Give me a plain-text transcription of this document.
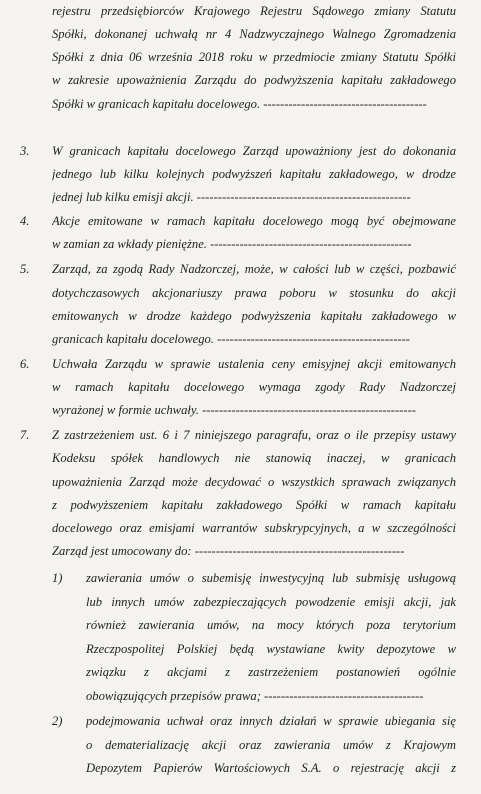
rejestru przedsiębiorców Krajowego Rejestru Sądowego zmiany Statutu
Spółki, dokonanej uchwałą nr 4 Nadzwyczajnego Walnego Zgromadzenia
Spółki z dnia 06 września 2018 roku w przedmiocie zmiany Statutu Spółki
w zakresie upoważnienia Zarządu do podwyższenia kapitału zakładowego
Spółki w granicach kapitału docelowego. ---------------------------------------
3. W granicach kapitału docelowego Zarząd upoważniony jest do dokonania
jednego lub kilku kolejnych podwyższeń kapitału zakładowego, w drodze
jednej lub kilku emisji akcji. ---------------------------------------------------
4. Akcje emitowane w ramach kapitału docelowego mogą być obejmowane
w zamian za wkłady pieniężne. ------------------------------------------------
5. Zarząd, za zgodą Rady Nadzorczej, może, w całości lub w części, pozbawić
dotychczasowych akcjonariuszy prawa poboru w stosunku do akcji
emitowanych w drodze każdego podwyższenia kapitału zakładowego w
granicach kapitału docelowego. ----------------------------------------------
6. Uchwała Zarządu w sprawie ustalenia ceny emisyjnej akcji emitowanych
w ramach kapitału docelowego wymaga zgody Rady Nadzorczej
wyrażonej w formie uchwały. ---------------------------------------------------
7. Z zastrzeżeniem ust. 6 i 7 niniejszego paragrafu, oraz o ile przepisy ustawy
Kodeksu spółek handlowych nie stanowią inaczej, w granicach
upoważnienia Zarząd może decydować o wszystkich sprawach związanych
z podwyższeniem kapitału zakładowego Spółki w ramach kapitału
docelowego oraz emisjami warrantów subskrypcyjnych, a w szczególności
Zarząd jest umocowany do: --------------------------------------------------
1) zawierania umów o subemisję inwestycyjną lub submisję usługową
lub innych umów zabezpieczających powodzenie emisji akcji, jak
również zawierania umów, na mocy których poza terytorium
Rzeczpospolitej Polskiej będą wystawiane kwity depozytowe w
związku z akcjami z zastrzeżeniem postanowień ogólnie
obowiązujących przepisów prawa; --------------------------------------
2) podejmowania uchwał oraz innych działań w sprawie ubiegania się
o dematerializację akcji oraz zawierania umów z Krajowym
Depozytem Papierów Wartościowych S.A. o rejestrację akcji z
